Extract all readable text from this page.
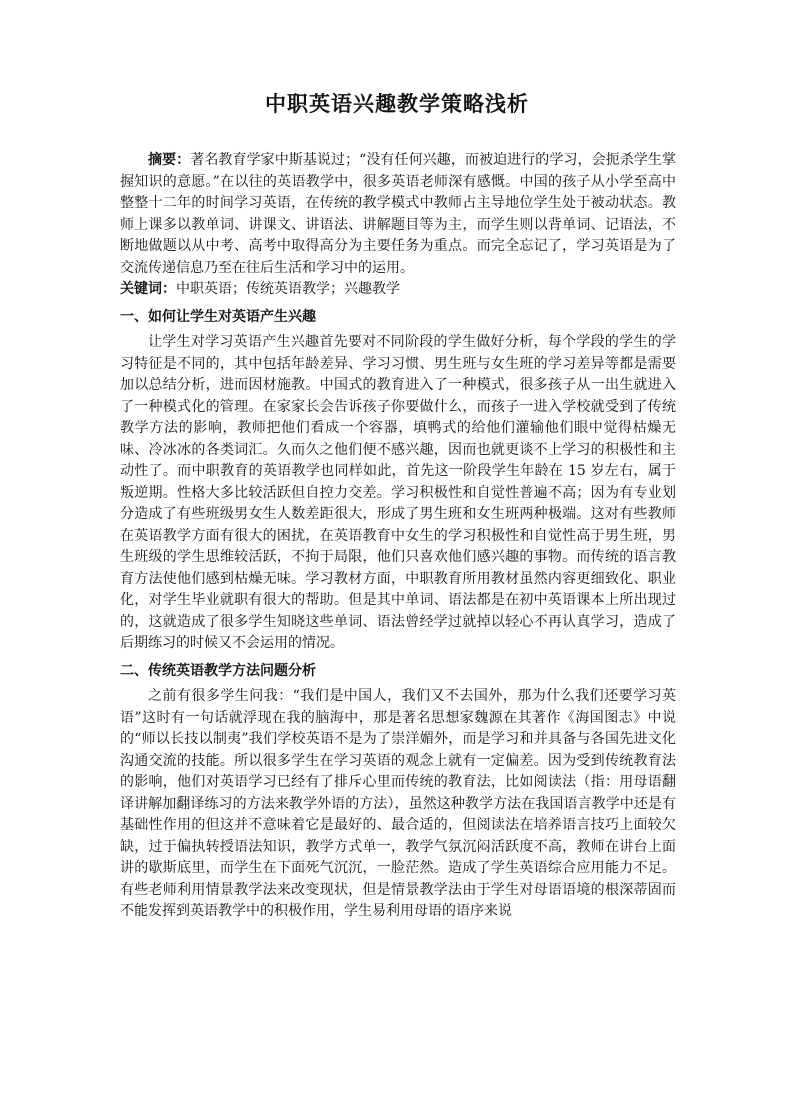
中职英语兴趣教学策略浅析

摘要：著名教育学家中斯基说过；“没有任何兴趣，而被迫进行的学习，会扼杀学生掌握知识的意愿。”在以往的英语教学中，很多英语老师深有感慨。中国的孩子从小学至高中整整十二年的时间学习英语，在传统的教学模式中教师占主导地位学生处于被动状态。教师上课多以教单词、讲课文、讲语法、讲解题目等为主，而学生则以背单词、记语法，不断地做题以从中考、高考中取得高分为主要任务为重点。而完全忘记了，学习英语是为了交流传递信息乃至在往后生活和学习中的运用。

关键词：中职英语；传统英语教学；兴趣教学

一、如何让学生对英语产生兴趣

让学生对学习英语产生兴趣首先要对不同阶段的学生做好分析，每个学段的学生的学习特征是不同的，其中包括年龄差异、学习习惯、男生班与女生班的学习差异等都是需要加以总结分析，进而因材施教。中国式的教育进入了一种模式，很多孩子从一出生就进入了一种模式化的管理。在家家长会告诉孩子你要做什么，而孩子一进入学校就受到了传统教学方法的影响，教师把他们看成一个容器，填鸭式的给他们灌输他们眼中觉得枯燥无味、冷冰冰的各类词汇。久而久之他们便不感兴趣，因而也就更谈不上学习的积极性和主动性了。而中职教育的英语教学也同样如此，首先这一阶段学生年龄在 15 岁左右，属于叛逆期。性格大多比较活跃但自控力交差。学习积极性和自觉性普遍不高；因为有专业划分造成了有些班级男女生人数差距很大，形成了男生班和女生班两种极端。这对有些教师在英语教学方面有很大的困扰，在英语教育中女生的学习积极性和自觉性高于男生班，男生班级的学生思维较活跃，不拘于局限，他们只喜欢他们感兴趣的事物。而传统的语言教育方法使他们感到枯燥无味。学习教材方面，中职教育所用教材虽然内容更细致化、职业化，对学生毕业就职有很大的帮助。但是其中单词、语法都是在初中英语课本上所出现过的，这就造成了很多学生知晓这些单词、语法曾经学过就掉以轻心不再认真学习，造成了后期练习的时候又不会运用的情况。

二、传统英语教学方法问题分析

之前有很多学生问我：“我们是中国人，我们又不去国外，那为什么我们还要学习英语”这时有一句话就浮现在我的脑海中，那是著名思想家魏源在其著作《海国图志》中说的“师以长技以制夷”我们学校英语不是为了崇洋媚外，而是学习和并具备与各国先进文化沟通交流的技能。所以很多学生在学习英语的观念上就有一定偏差。因为受到传统教育法的影响，他们对英语学习已经有了排斥心里而传统的教育法，比如阅读法（指：用母语翻译讲解加翻译练习的方法来教学外语的方法），虽然这种教学方法在我国语言教学中还是有基础性作用的但这并不意味着它是最好的、最合适的，但阅读法在培养语言技巧上面较欠缺，过于偏执转授语法知识，教学方式单一，教学气氛沉闷活跃度不高，教师在讲台上面讲的歇斯底里，而学生在下面死气沉沉，一脸茫然。造成了学生英语综合应用能力不足。有些老师利用情景教学法来改变现状，但是情景教学法由于学生对母语语境的根深蒂固而不能发挥到英语教学中的积极作用，学生易利用母语的语序来说
